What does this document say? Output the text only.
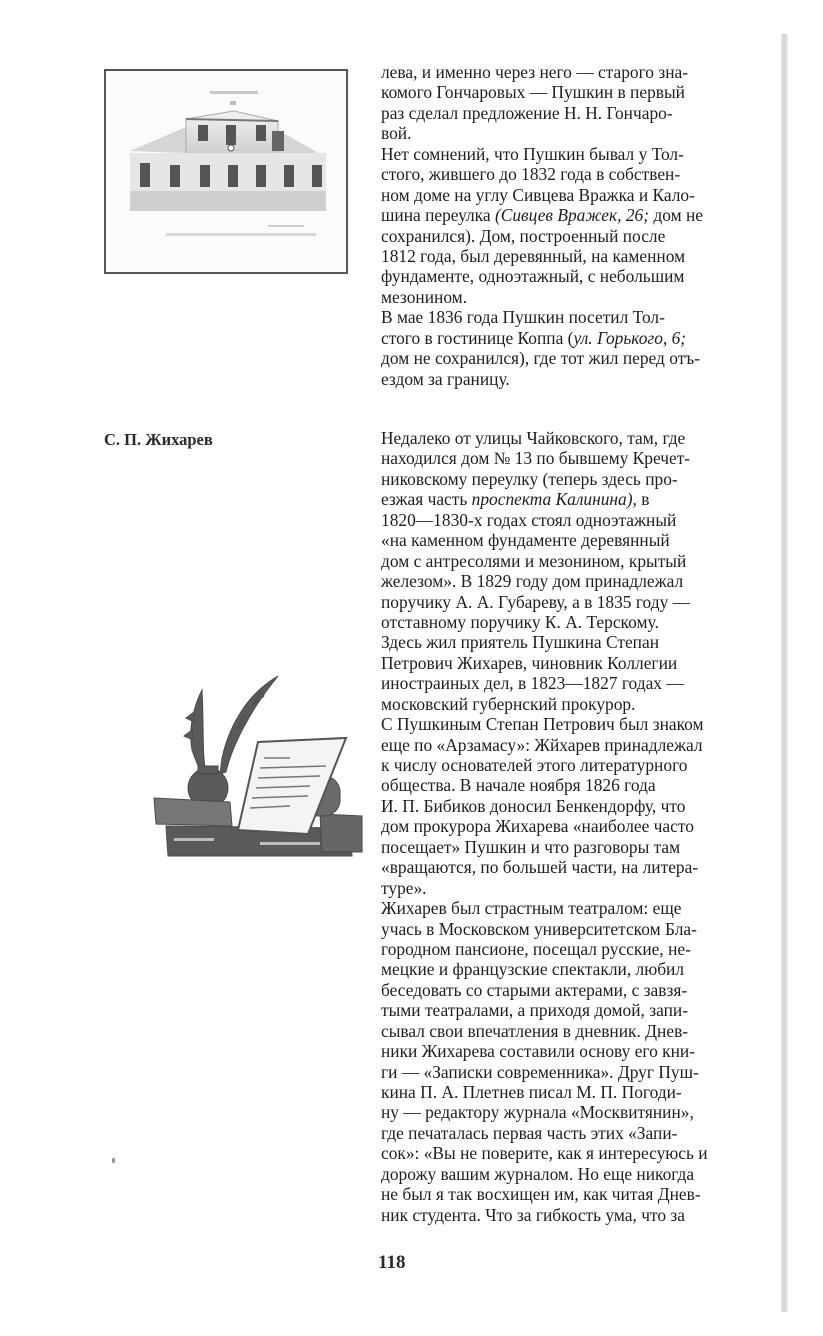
лева, и именно через него — старого зна-
комого Гончаровых — Пушкин в первый
раз сделал предложение Н. Н. Гончаро-
вой.
Нет сомнений, что Пушкин бывал у Тол-
стого, жившего до 1832 года в собствен-
ном доме на углу Сивцева Вражка и Кало-
шина переулка (Сивцев Вражек, 26; дом не
сохранился). Дом, построенный после
1812 года, был деревянный, на каменном
фундаменте, одноэтажный, с небольшим
мезонином.
В мае 1836 года Пушкин посетил Тол-
стого в гостинице Коппа (ул. Горького, 6;
дом не сохранился), где тот жил перед отъ-
ездом за границу.
С. П. Жихарев	Недалеко от улицы Чайковского, там, где
находился дом № 13 по бывшему Кречет-
никовскому переулку (теперь здесь про-
езжая часть проспекта Калинина), в
1820—1830-х годах стоял одноэтажный
«на каменном фундаменте деревянный
дом с антресолями и мезонином, крытый
железом». В 1829 году дом принадлежал
поручику А. А. Губареву, а в 1835 году —
отставному поручику К. А. Терскому.
Здесь жил приятель Пушкина Степан
Петрович Жихарев, чиновник Коллегии
иностраиных дел, в 1823—1827 годах —
московский губернский прокурор.
С Пушкиным Степан Петрович был знаком
еще по «Арзамасу»: Жйхарев принадлежал
к числу основателей этого литературного
общества. В начале ноября 1826 года
И. П. Бибиков доносил Бенкендорфу, что
дом прокурора Жихарева «наиболее часто
посещает» Пушкин и что разговоры там
«вращаются, по большей части, на литера-
туре».
Жихарев был страстным театралом: еще
учась в Московском университетском Бла-
городном пансионе, посещал русские, не-
мецкие и французские спектакли, любил
беседовать со старыми актерами, с завзя-
тыми театралами, а приходя домой, запи-
сывал свои впечатления в дневник. Днев-
ники Жихарева составили основу его кни-
ги — «Записки современника». Друг Пуш-
кина П. А. Плетнев писал М. П. Погоди-
ну — редактору журнала «Москвитянин»,
где печаталась первая часть этих «Запи-
сок»: «Вы не поверите, как я интересуюсь и
дорожу вашим журналом. Но еще никогда
не был я так восхищен им, как читая Днев-
ник студента. Что за гибкость ума, что за
118
